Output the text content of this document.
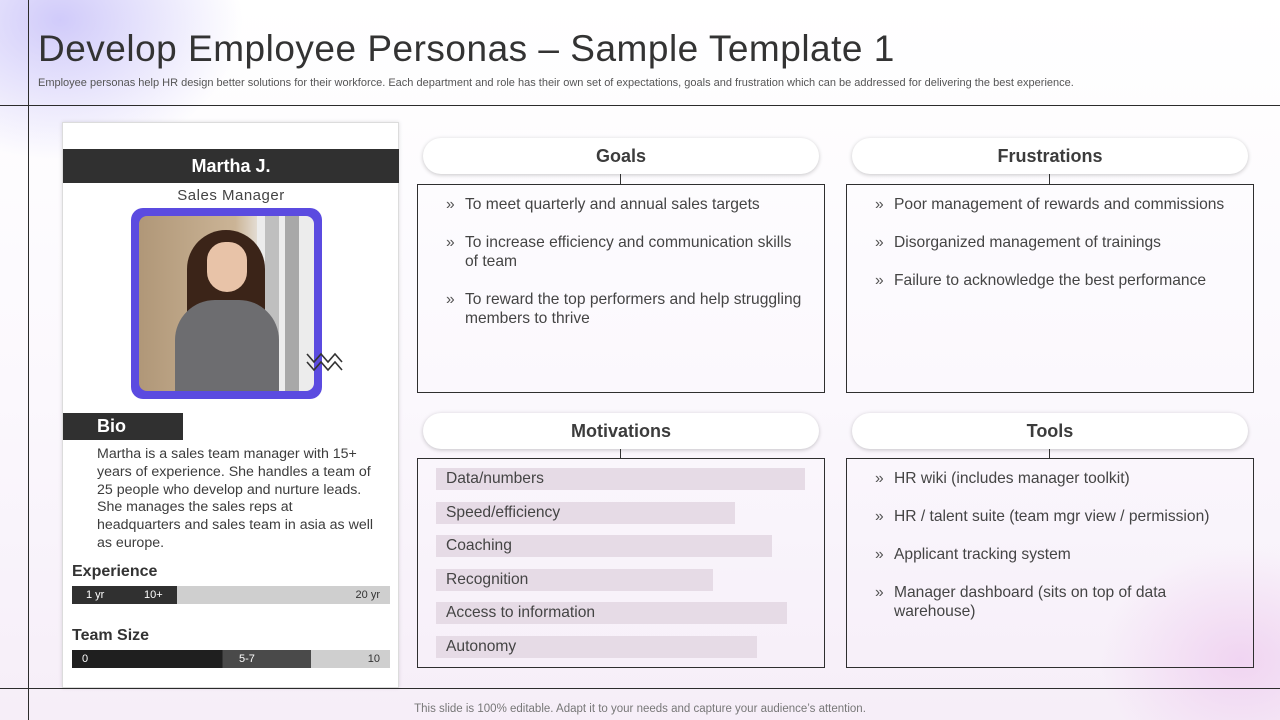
Develop Employee Personas – Sample Template 1

Employee personas help HR design better solutions for their workforce. Each department and role has their own set of expectations, goals and frustration which can be addressed for delivering the best experience.

Martha J.
Sales Manager
Bio

Martha is a sales team manager with 15+ years of experience. She handles a team of 25 people who develop and nurture leads. She manages the sales reps at headquarters and sales team in asia as well as europe.

Experience
1 yr	10+	20 yr
Team Size
0	5-7	10
Goals
» To meet quarterly and annual sales targets
» To increase efficiency and communication skills of team
» To reward the top performers and help struggling members to thrive
Frustrations
» Poor management of rewards and commissions
» Disorganized management of trainings
» Failure to acknowledge the best performance
Motivations
Data/numbers
Speed/efficiency
Coaching
Recognition
Access to information
Autonomy
Tools
» HR wiki (includes manager toolkit)
» HR / talent suite (team mgr view / permission)
» Applicant tracking system
» Manager dashboard (sits on top of data warehouse)
This slide is 100% editable. Adapt it to your needs and capture your audience’s attention.
